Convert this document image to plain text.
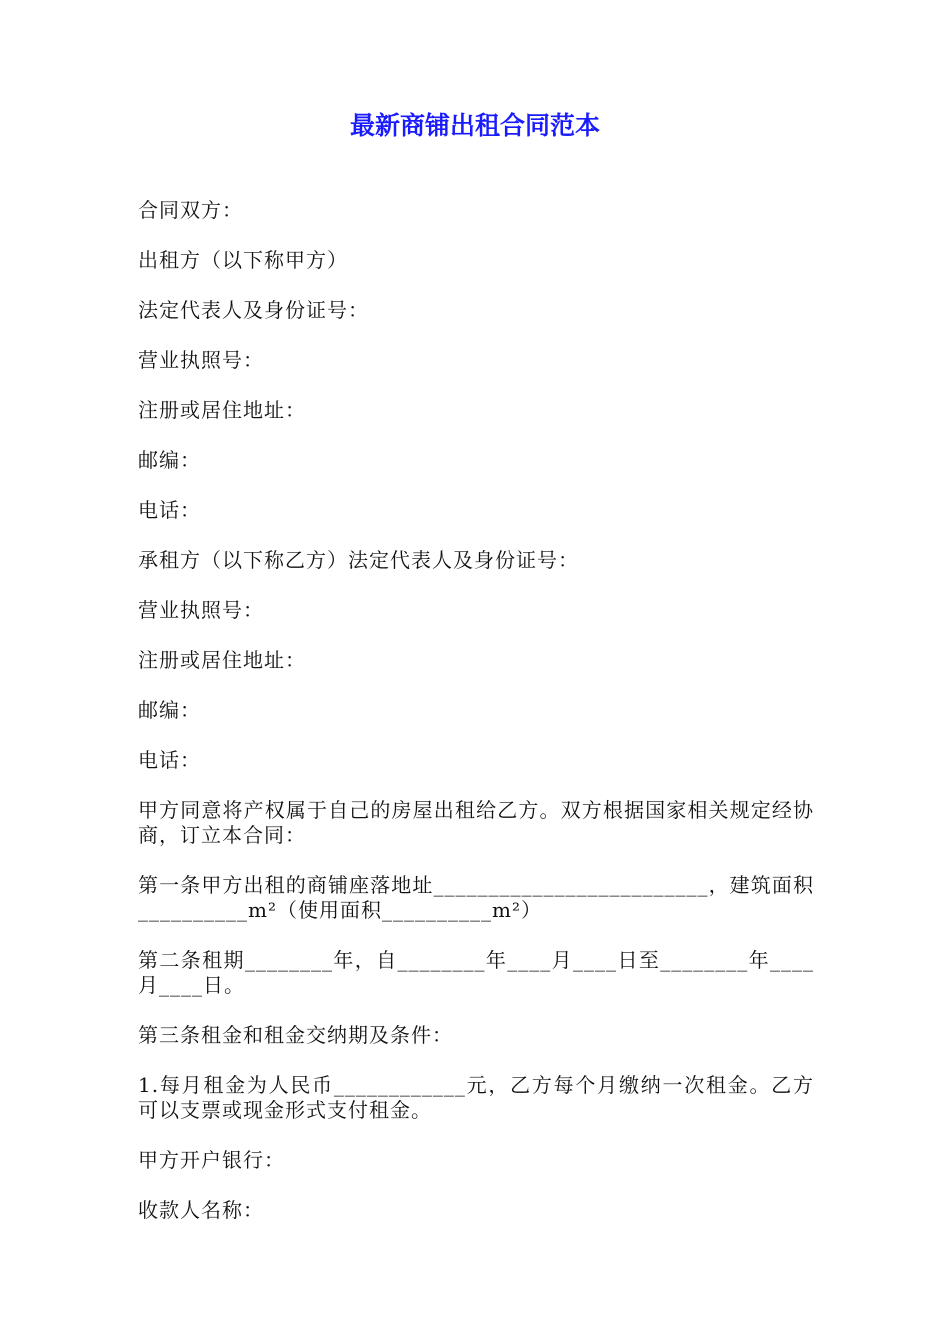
最新商铺出租合同范本

合同双方：

出租方（以下称甲方）

法定代表人及身份证号：

营业执照号：

注册或居住地址：

邮编：

电话：

承租方（以下称乙方）法定代表人及身份证号：

营业执照号：

注册或居住地址：

邮编：

电话：

甲方同意将产权属于自己的房屋出租给乙方。双方根据国家相关规定经协商，订立本合同：

第一条甲方出租的商铺座落地址_________________________，建筑面积__________m²（使用面积__________m²）

第二条租期________年，自________年____月____日至________年____月____日。

第三条租金和租金交纳期及条件：

1.每月租金为人民币____________元，乙方每个月缴纳一次租金。乙方可以支票或现金形式支付租金。

甲方开户银行：

收款人名称：
